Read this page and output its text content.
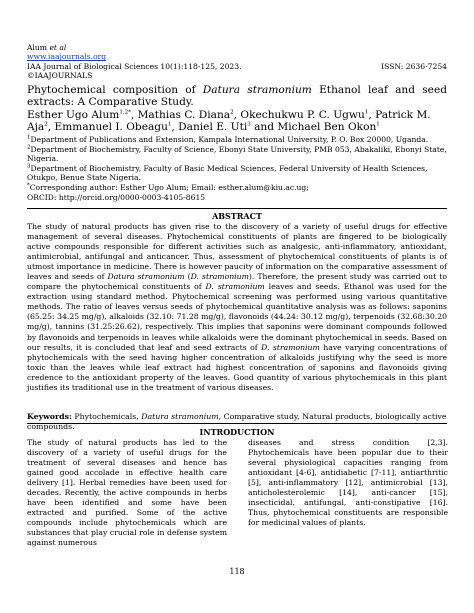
Alum et al
www.iaajournals.org
IAA Journal of Biological Sciences 10(1):118-125, 2023.	ISSN: 2636-7254
©IAAJOURNALS
Phytochemical composition of Datura stramonium Ethanol leaf and seed extracts: A Comparative Study.
Esther Ugo Alum$^{1,2*}$, Mathias C. Diana$^2$, Okechukwu P. C. Ugwu$^1$, Patrick M. Aja$^2$, Emmanuel I. Obeagu$^1$, Daniel E. Uti$^3$ and Michael Ben Okon$^1$

$^1$Department of Publications and Extension, Kampala International University, P. O. Box 20000, Uganda.

$^2$Department of Biochemistry, Faculty of Science, Ebonyi State University, PMB 053, Abakaliki, Ebonyi State, Nigeria.

$^3$Department of Biochemistry, Faculty of Basic Medical Sciences, Federal University of Health Sciences, Otukpo, Benue State Nigeria.

*Corresponding author: Esther Ugo Alum; Email: esther.alum@kiu.ac.ug;

ORCID: http://orcid.org/0000-0003-4105-8615

ABSTRACT
The study of natural products has given rise to the discovery of a variety of useful drugs for effective management of several diseases. Phytochemical constituents of plants are fingered to be biologically active compounds responsible for different activities such as analgesic, anti-inflammatory, antioxidant, antimicrobial, antifungal and anticancer. Thus, assessment of phytochemical constituents of plants is of utmost importance in medicine. There is however paucity of information on the comparative assessment of leaves and seeds of Datura stramonium (D. stramonium). Therefore, the present study was carried out to compare the phytochemical constituents of D. stramonium leaves and seeds. Ethanol was used for the extraction using standard method. Phytochemical screening was performed using various quantitative methods. The ratio of leaves versus seeds of phytochemical quantitative analysis was as follows: saponins (65.25: 34.25 mg/g), alkaloids (32.10: 71.28 mg/g), flavonoids (44.24: 30.12 mg/g), terpenoids (32.68:30.20 mg/g), tannins (31.25:26.62), respectively. This implies that saponins were dominant compounds followed by flavonoids and terpenoids in leaves while alkaloids were the dominant phytochemical in seeds. Based on our results, it is concluded that leaf and seed extracts of D. stramonium have varying concentrations of phytochemicals with the seed having higher concentration of alkaloids justifying why the seed is more toxic than the leaves while leaf extract had highest concentration of saponins and flavonoids giving credence to the antioxidant property of the leaves. Good quantity of various phytochemicals in this plant justifies its traditional use in the treatment of various diseases.
Keywords: Phytochemicals, Datura stramonium, Comparative study, Natural products, biologically active compounds.
INTRODUCTION
The study of natural products has led to the discovery of a variety of useful drugs for the treatment of several diseases and hence has gained good accolade in effective health care delivery [1]. Herbal remedies have been used for decades. Recently, the active compounds in herbs have been identified and some have been extracted and purified. Some of the active compounds include phytochemicals which are substances that play crucial role in defense system against numerous
diseases and stress condition [2,3]. Phytochemicals have been popular due to their several physiological capacities ranging from antioxidant [4-6], antidiabetic [7-11], antiarthritic [5], anti-inflammatory [12], antimicrobial [13], anticholesterolemic [14], anti-cancer [15], insecticidal, antifungal, anti-constipative [16]. Thus, phytochemical constituents are responsible for medicinal values of plants.
118
